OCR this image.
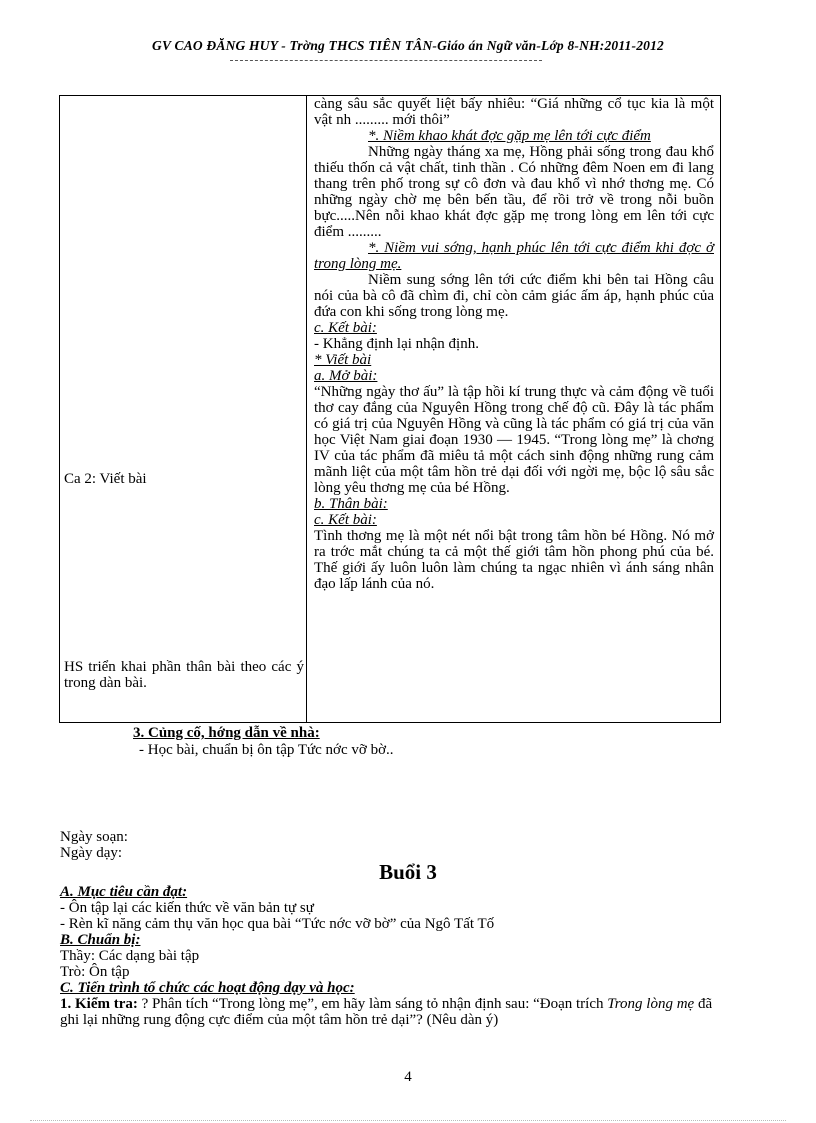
GV CAO ĐĂNG HUY - Trờng THCS TIÊN TÂN-Giáo án Ngữ văn-Lớp 8-NH:2011-2012
Ca 2: Viết bài
HS triển khai phần thân bài theo các ý trong dàn bài.

càng sâu sắc quyết liệt bấy nhiêu: “Giá những cổ tục kia là một vật nh ......... mới thôi”

*. Niềm khao khát đợc gặp mẹ lên tới cực điểm

Những ngày tháng xa mẹ, Hồng phải sống trong đau khổ thiếu thốn cả vật chất, tinh thần . Có những đêm Noen em đi lang thang trên phố trong sự cô đơn và đau khổ vì nhớ thơng mẹ. Có những ngày chờ mẹ bên bến tầu, để rồi trở về trong nỗi buồn bực.....Nên nỗi khao khát đợc gặp mẹ trong lòng em lên tới cực điểm .........

*. Niềm vui sớng, hạnh phúc lên tới cực điểm khi đợc ở trong lòng mẹ.

Niềm sung sớng lên tới cức điểm khi bên tai Hồng câu nói của bà cô đã chìm đi, chỉ còn cảm giác ấm áp, hạnh phúc của đứa con khi sống trong lòng mẹ.

c. Kết bài:

- Khẳng định lại nhận định.

* Viết bài

a. Mở bài:

“Những ngày thơ ấu” là tập hồi kí trung thực và cảm động về tuổi thơ cay đắng của Nguyên Hồng trong chế độ cũ. Đây là tác phẩm có giá trị của Nguyên Hồng và cũng là tác phẩm có giá trị của văn học Việt Nam giai đoạn 1930 — 1945. “Trong lòng mẹ” là chơng IV của tác phẩm đã miêu tả một cách sinh động những rung cảm mãnh liệt của một tâm hồn trẻ dại đối với ngời mẹ, bộc lộ sâu sắc lòng yêu thơng mẹ của bé Hồng.

b. Thân bài:

c. Kết bài:

Tình thơng mẹ là một nét nổi bật trong tâm hồn bé Hồng. Nó mở ra trớc mắt chúng ta cả một thế giới tâm hồn phong phú của bé. Thế giới ấy luôn luôn làm chúng ta ngạc nhiên vì ánh sáng nhân đạo lấp lánh của nó.

3. Củng cố, hớng dẫn về nhà:
- Học bài, chuẩn bị ôn tập Tức nớc vỡ bờ..
Ngày soạn:
Ngày dạy:
Buổi 3
A. Mục tiêu cần đạt:
- Ôn tập lại các kiến thức về văn bản tự sự
- Rèn kĩ năng cảm thụ văn học qua bài “Tức nớc vỡ bờ” của Ngô Tất Tố
B. Chuẩn bị:
Thầy: Các dạng bài tập
Trò: Ôn tập
C. Tiến trình tổ chức các hoạt động dạy và học:
1. Kiểm tra: ? Phân tích “Trong lòng mẹ”, em hãy làm sáng tỏ nhận định sau: “Đoạn trích Trong lòng mẹ đã ghi lại những rung động cực điểm của một tâm hồn trẻ dại”? (Nêu dàn ý)
4
